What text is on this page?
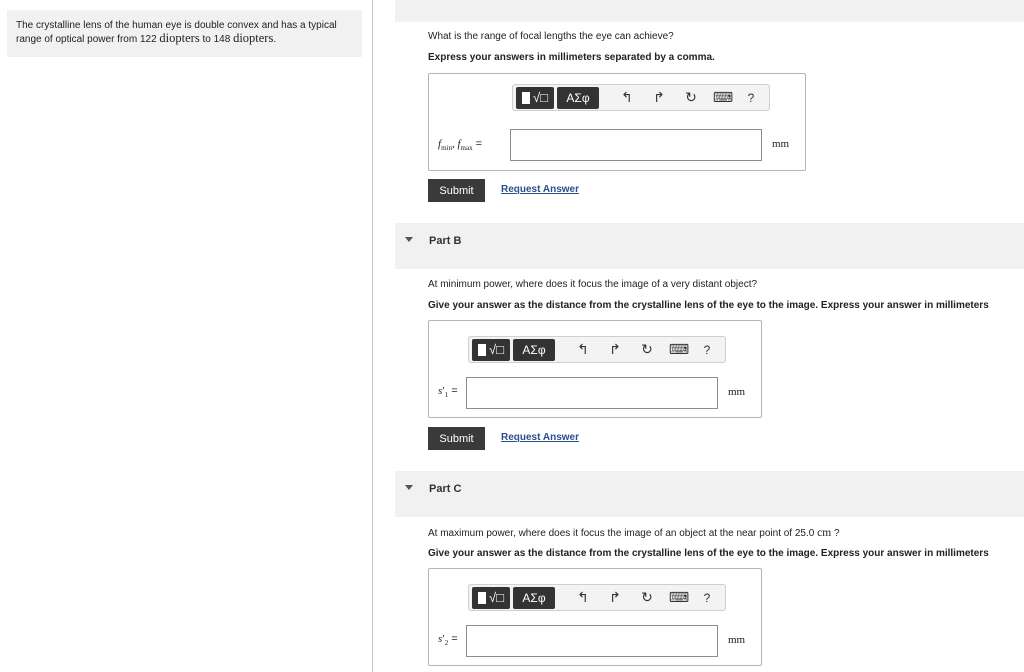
The crystalline lens of the human eye is double convex and has a typical range of optical power from 122 diopters to 148 diopters.	What is the range of focal lengths the eye can achieve?
Express your answers in millimeters separated by a comma.
√□	ΑΣφ	↰	↱	↻	⌨	?
$f_{min}$, $f_{max}$ =	mm
Submit	Request Answer
Part B
At minimum power, where does it focus the image of a very distant object?
Give your answer as the distance from the crystalline lens of the eye to the image. Express your answer in millimeters
√□	ΑΣφ	↰	↱	↻	⌨	?
$s'_1$ =	mm
Submit	Request Answer
Part C
At maximum power, where does it focus the image of an object at the near point of 25.0 cm ?
Give your answer as the distance from the crystalline lens of the eye to the image. Express your answer in millimeters
√□	ΑΣφ	↰	↱	↻	⌨	?
$s'_2$ =	mm
